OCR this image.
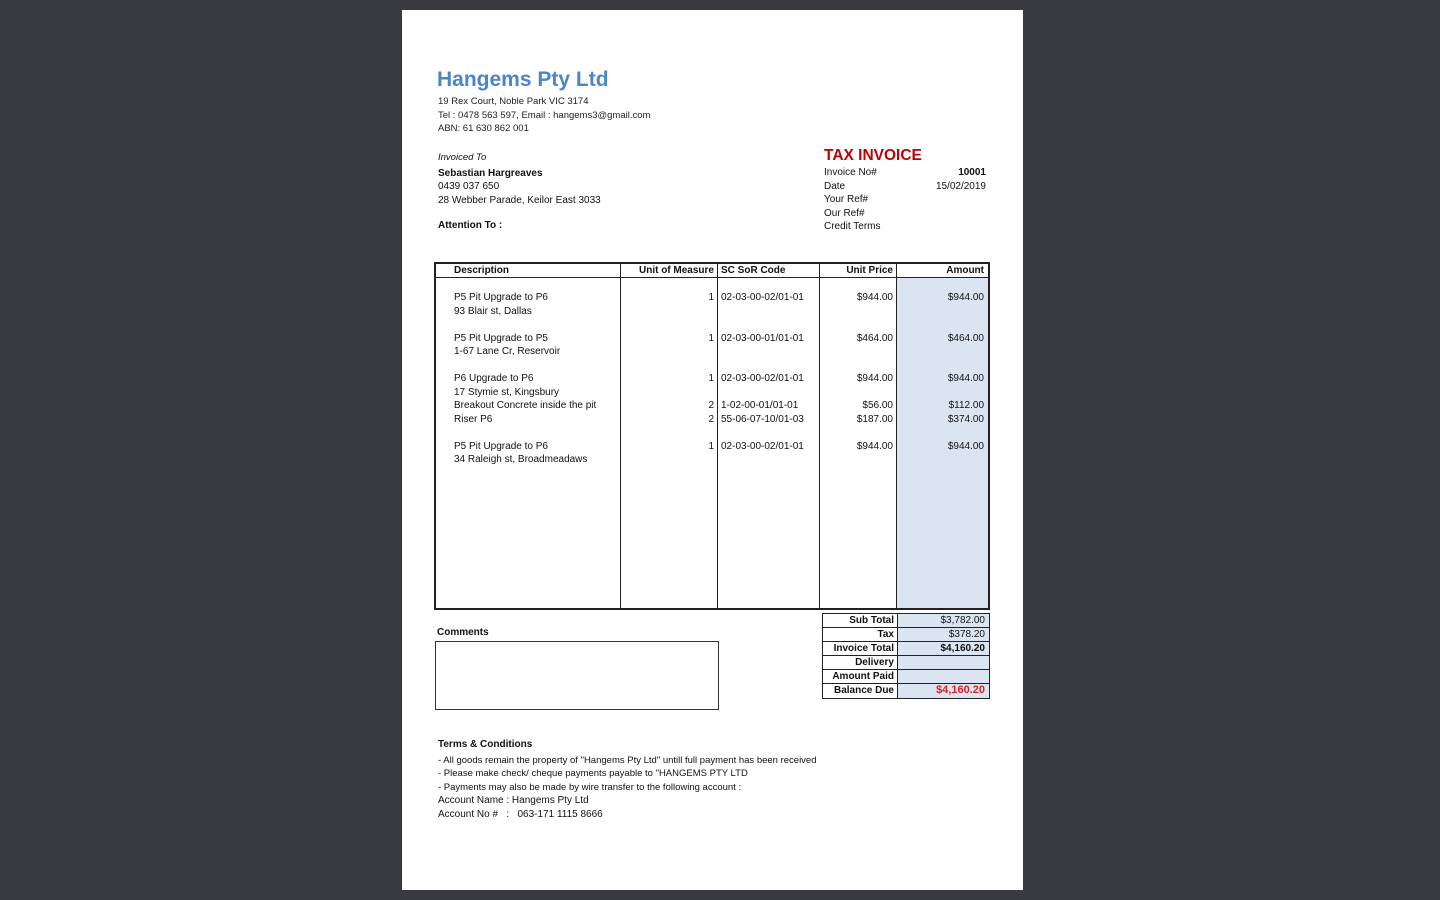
Hangems Pty Ltd
19 Rex Court, Noble Park VIC 3174
Tel : 0478 563 597, Email : hangems3@gmail.com
ABN: 61 630 862 001
Invoiced To
Sebastian Hargreaves
0439 037 650
28 Webber Parade, Keilor East 3033
Attention To :
TAX INVOICE
Invoice No#	10001
Date	15/02/2019
Your Ref#
Our Ref#
Credit Terms
Description	Unit of Measure SC SoR Code	Unit Price	Amount
P5 Pit Upgrade to P6
93 Blair st, Dallas
1 02-03-00-02/01-01	$944.00	$944.00
P5 Pit Upgrade to P5
1-67 Lane Cr, Reservoir
1 02-03-00-01/01-01	$464.00	$464.00
P6 Upgrade to P6
17 Stymie st, Kingsbury
1 02-03-00-02/01-01	$944.00	$944.00
Breakout Concrete inside the pit	2 1-02-00-01/01-01	$56.00	$112.00
Riser P6	2 55-06-07-10/01-03	$187.00	$374.00
P5 Pit Upgrade to P6
34 Raleigh st, Broadmeadaws
1 02-03-00-02/01-01	$944.00	$944.00
Sub Total	$3,782.00
Tax	$378.20
Invoice Total	$4,160.20
Delivery
Amount Paid
Balance Due	$4,160.20
Comments
Terms & Conditions
- All goods remain the property of "Hangems Pty Ltd" untill full payment has been received
- Please make check/ cheque payments payable to "HANGEMS PTY LTD
- Payments may also be made by wire transfer to the following account :
Account Name : Hangems Pty Ltd
Account No #   :   063-171 1115 8666
